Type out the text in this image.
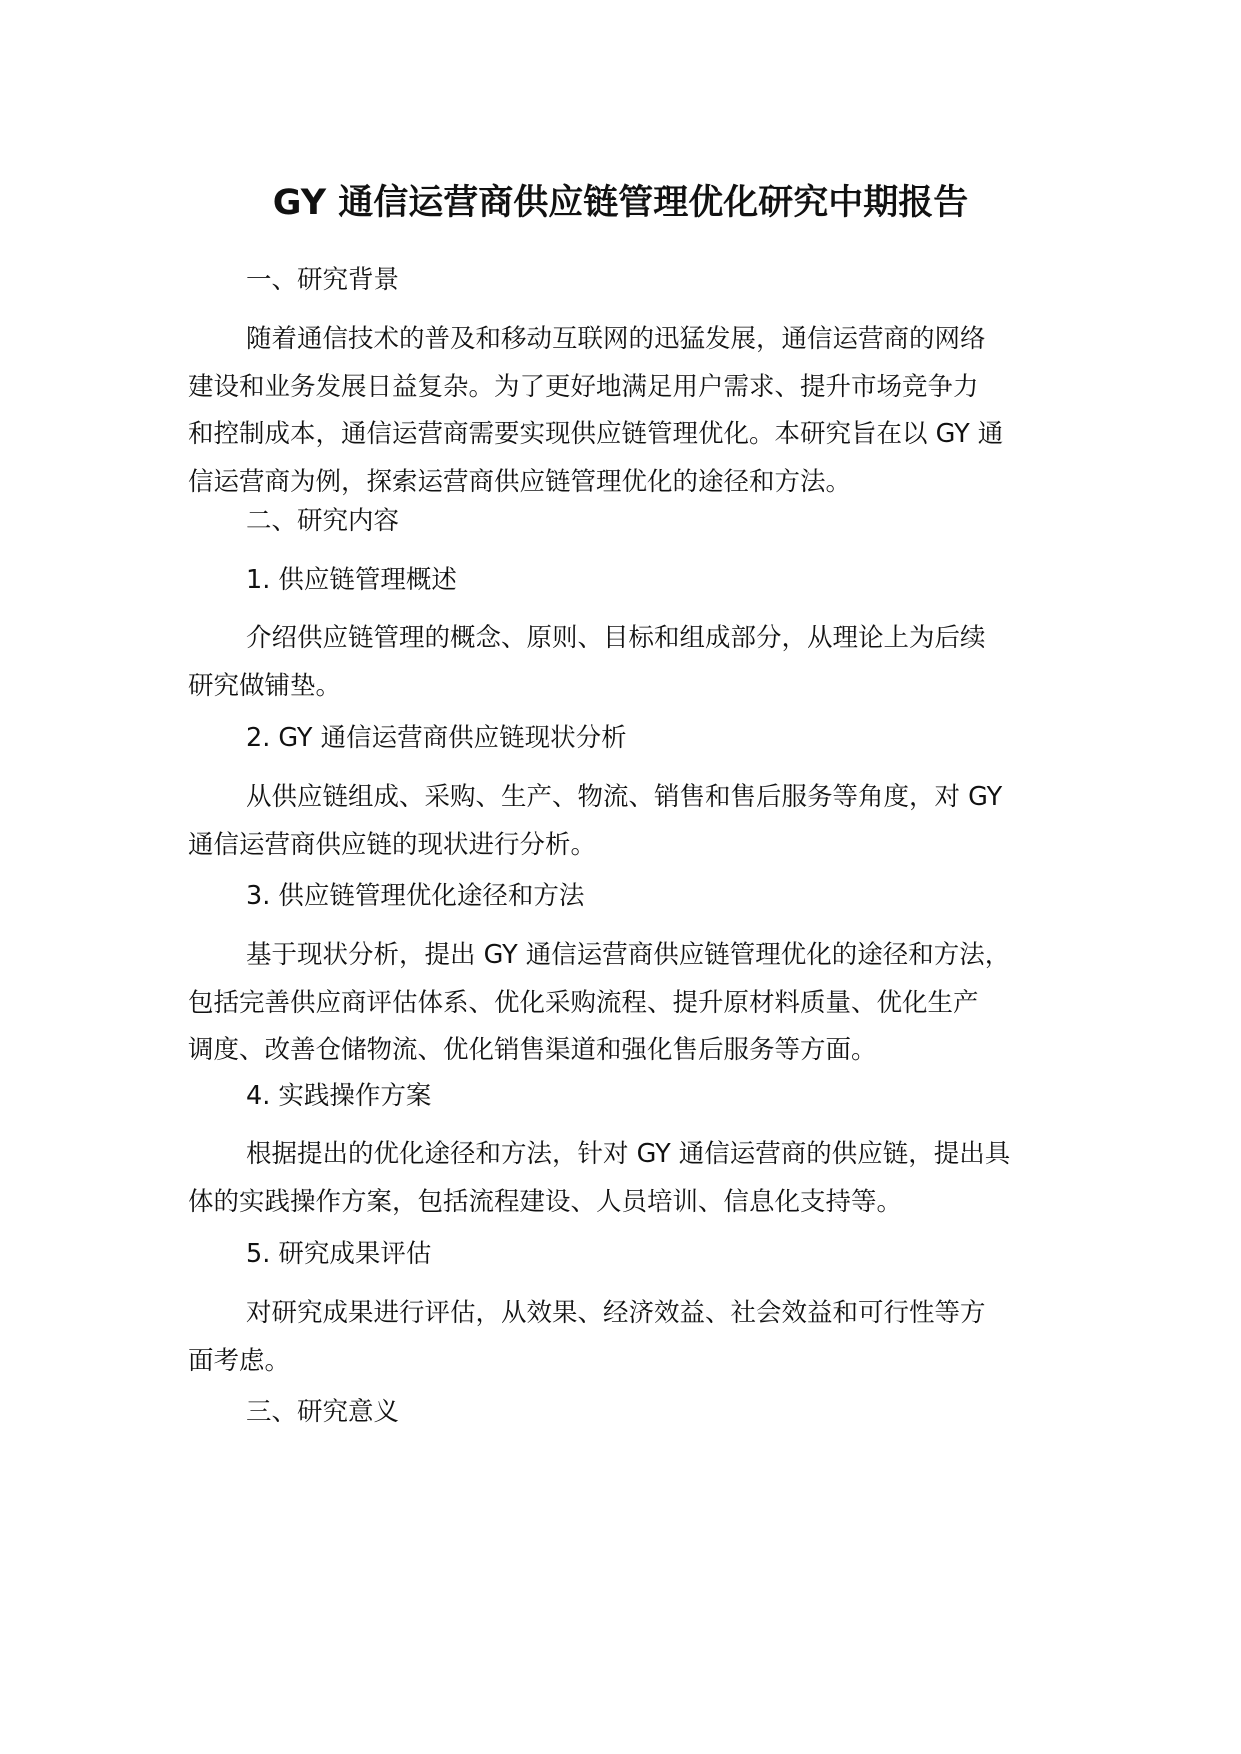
GY 通信运营商供应链管理优化研究中期报告
一、研究背景
随着通信技术的普及和移动互联网的迅猛发展，通信运营商的网络
建设和业务发展日益复杂。为了更好地满足用户需求、提升市场竞争力
和控制成本，通信运营商需要实现供应链管理优化。本研究旨在以 GY 通
信运营商为例，探索运营商供应链管理优化的途径和方法。
二、研究内容
1. 供应链管理概述
介绍供应链管理的概念、原则、目标和组成部分，从理论上为后续
研究做铺垫。
2. GY 通信运营商供应链现状分析
从供应链组成、采购、生产、物流、销售和售后服务等角度，对 GY
通信运营商供应链的现状进行分析。
3. 供应链管理优化途径和方法
基于现状分析，提出 GY 通信运营商供应链管理优化的途径和方法，
包括完善供应商评估体系、优化采购流程、提升原材料质量、优化生产
调度、改善仓储物流、优化销售渠道和强化售后服务等方面。
4. 实践操作方案
根据提出的优化途径和方法，针对 GY 通信运营商的供应链，提出具
体的实践操作方案，包括流程建设、人员培训、信息化支持等。
5. 研究成果评估
对研究成果进行评估，从效果、经济效益、社会效益和可行性等方
面考虑。
三、研究意义
